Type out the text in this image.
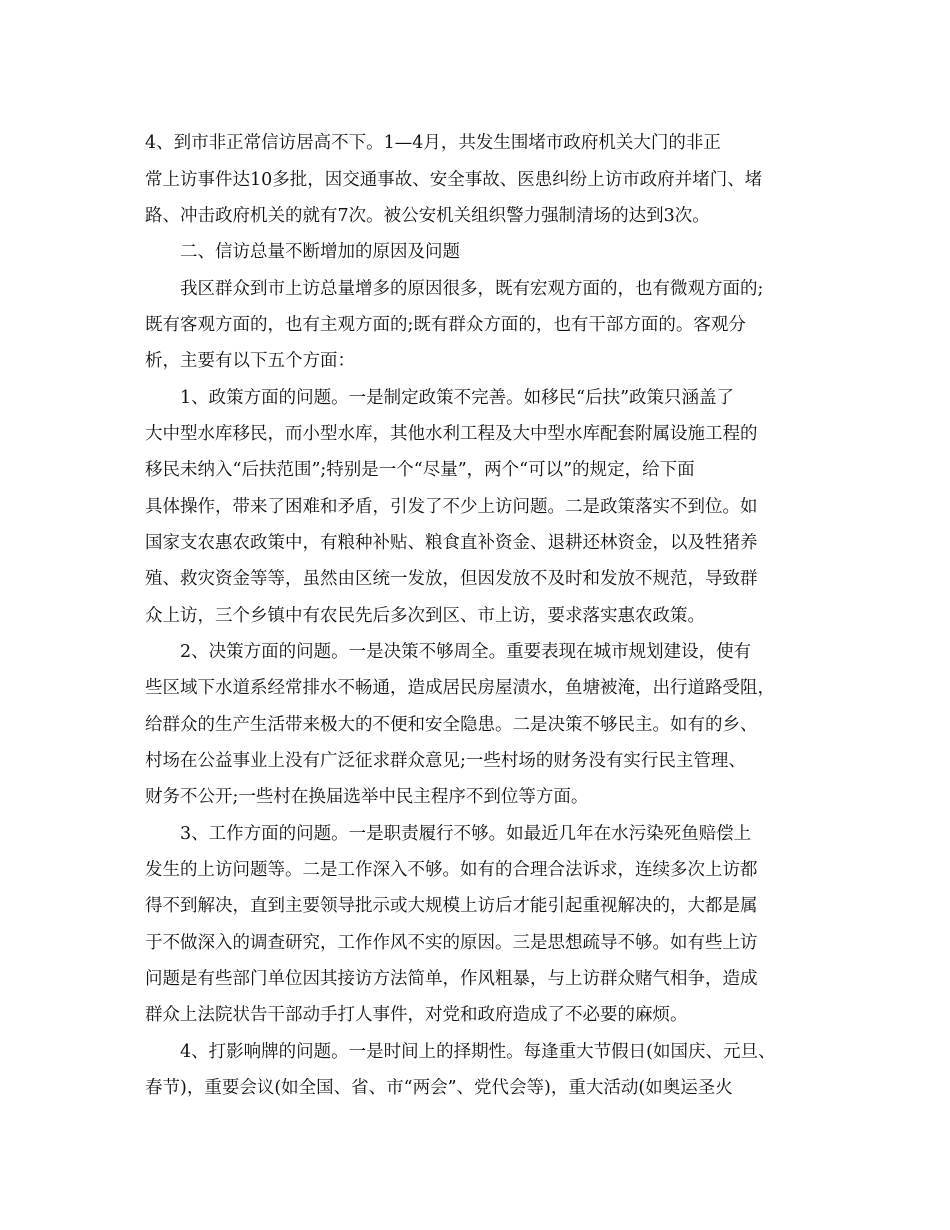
4、到市非正常信访居高不下。1—4月，共发生围堵市政府机关大门的非正
常上访事件达10多批，因交通事故、安全事故、医患纠纷上访市政府并堵门、堵
路、冲击政府机关的就有7次。被公安机关组织警力强制清场的达到3次。
二、信访总量不断增加的原因及问题
我区群众到市上访总量增多的原因很多，既有宏观方面的，也有微观方面的;
既有客观方面的，也有主观方面的;既有群众方面的，也有干部方面的。客观分
析，主要有以下五个方面：
1、政策方面的问题。一是制定政策不完善。如移民“后扶”政策只涵盖了
大中型水库移民，而小型水库，其他水利工程及大中型水库配套附属设施工程的
移民未纳入“后扶范围”;特别是一个“尽量”，两个“可以”的规定，给下面
具体操作，带来了困难和矛盾，引发了不少上访问题。二是政策落实不到位。如
国家支农惠农政策中，有粮种补贴、粮食直补资金、退耕还林资金，以及牲猪养
殖、救灾资金等等，虽然由区统一发放，但因发放不及时和发放不规范，导致群
众上访，三个乡镇中有农民先后多次到区、市上访，要求落实惠农政策。
2、决策方面的问题。一是决策不够周全。重要表现在城市规划建设，使有
些区域下水道系经常排水不畅通，造成居民房屋渍水，鱼塘被淹，出行道路受阻，
给群众的生产生活带来极大的不便和安全隐患。二是决策不够民主。如有的乡、
村场在公益事业上没有广泛征求群众意见;一些村场的财务没有实行民主管理、
财务不公开;一些村在换届选举中民主程序不到位等方面。
3、工作方面的问题。一是职责履行不够。如最近几年在水污染死鱼赔偿上
发生的上访问题等。二是工作深入不够。如有的合理合法诉求，连续多次上访都
得不到解决，直到主要领导批示或大规模上访后才能引起重视解决的，大都是属
于不做深入的调查研究，工作作风不实的原因。三是思想疏导不够。如有些上访
问题是有些部门单位因其接访方法简单，作风粗暴，与上访群众赌气相争，造成
群众上法院状告干部动手打人事件，对党和政府造成了不必要的麻烦。
4、打影响牌的问题。一是时间上的择期性。每逢重大节假日(如国庆、元旦、
春节)，重要会议(如全国、省、市“两会”、党代会等)，重大活动(如奥运圣火
